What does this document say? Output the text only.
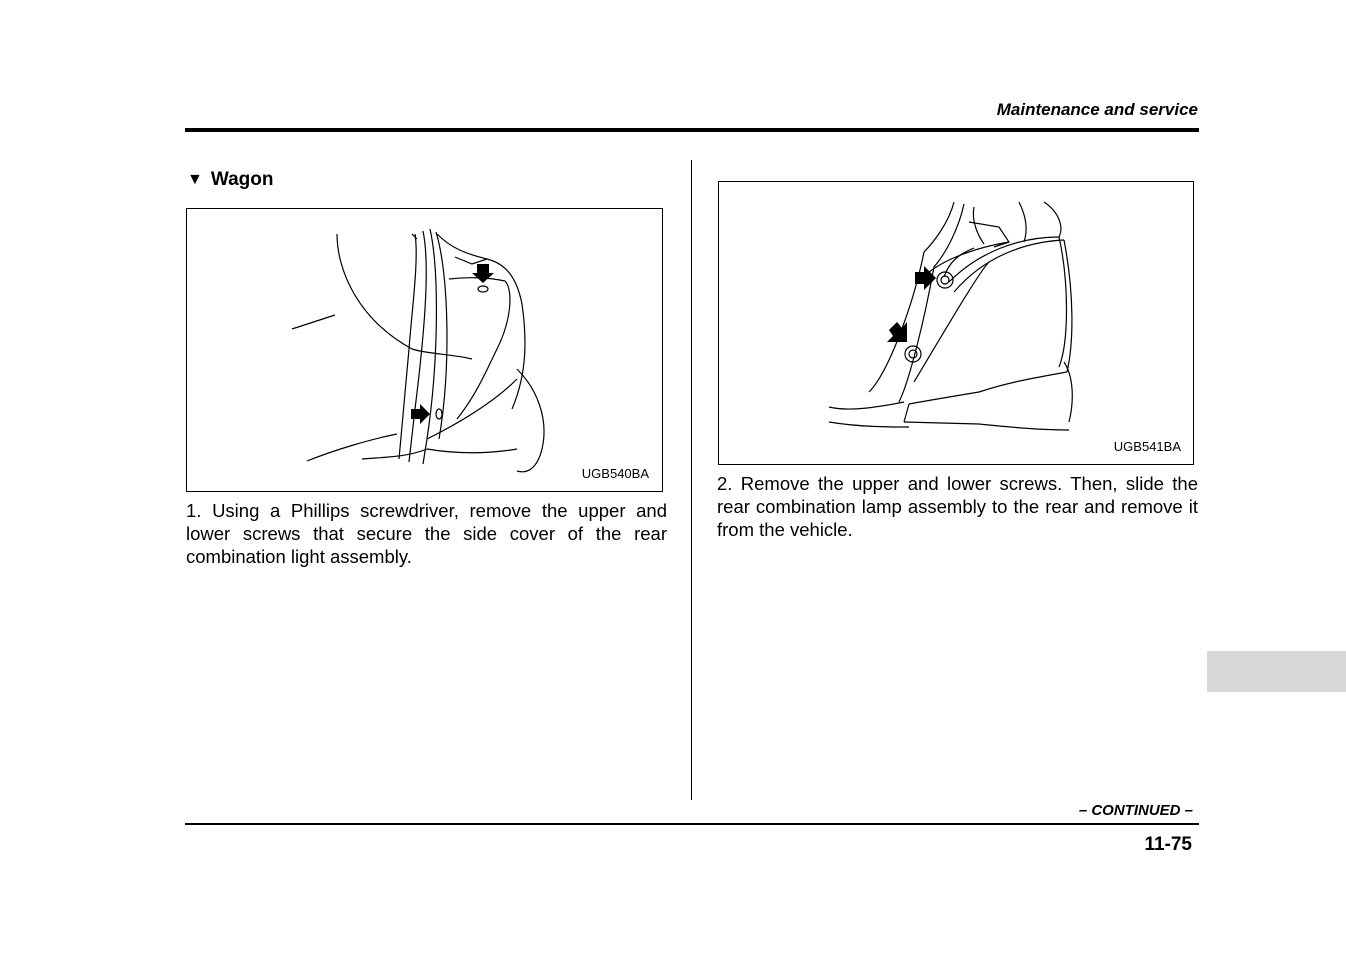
Maintenance and service
▼ Wagon
UGB540BA
1. Using a Phillips screwdriver, remove the upper and lower screws that secure the side cover of the rear combination light assembly.
UGB541BA
2. Remove the upper and lower screws. Then, slide the rear combination lamp assembly to the rear and remove it from the vehicle.
– CONTINUED –
11-75
